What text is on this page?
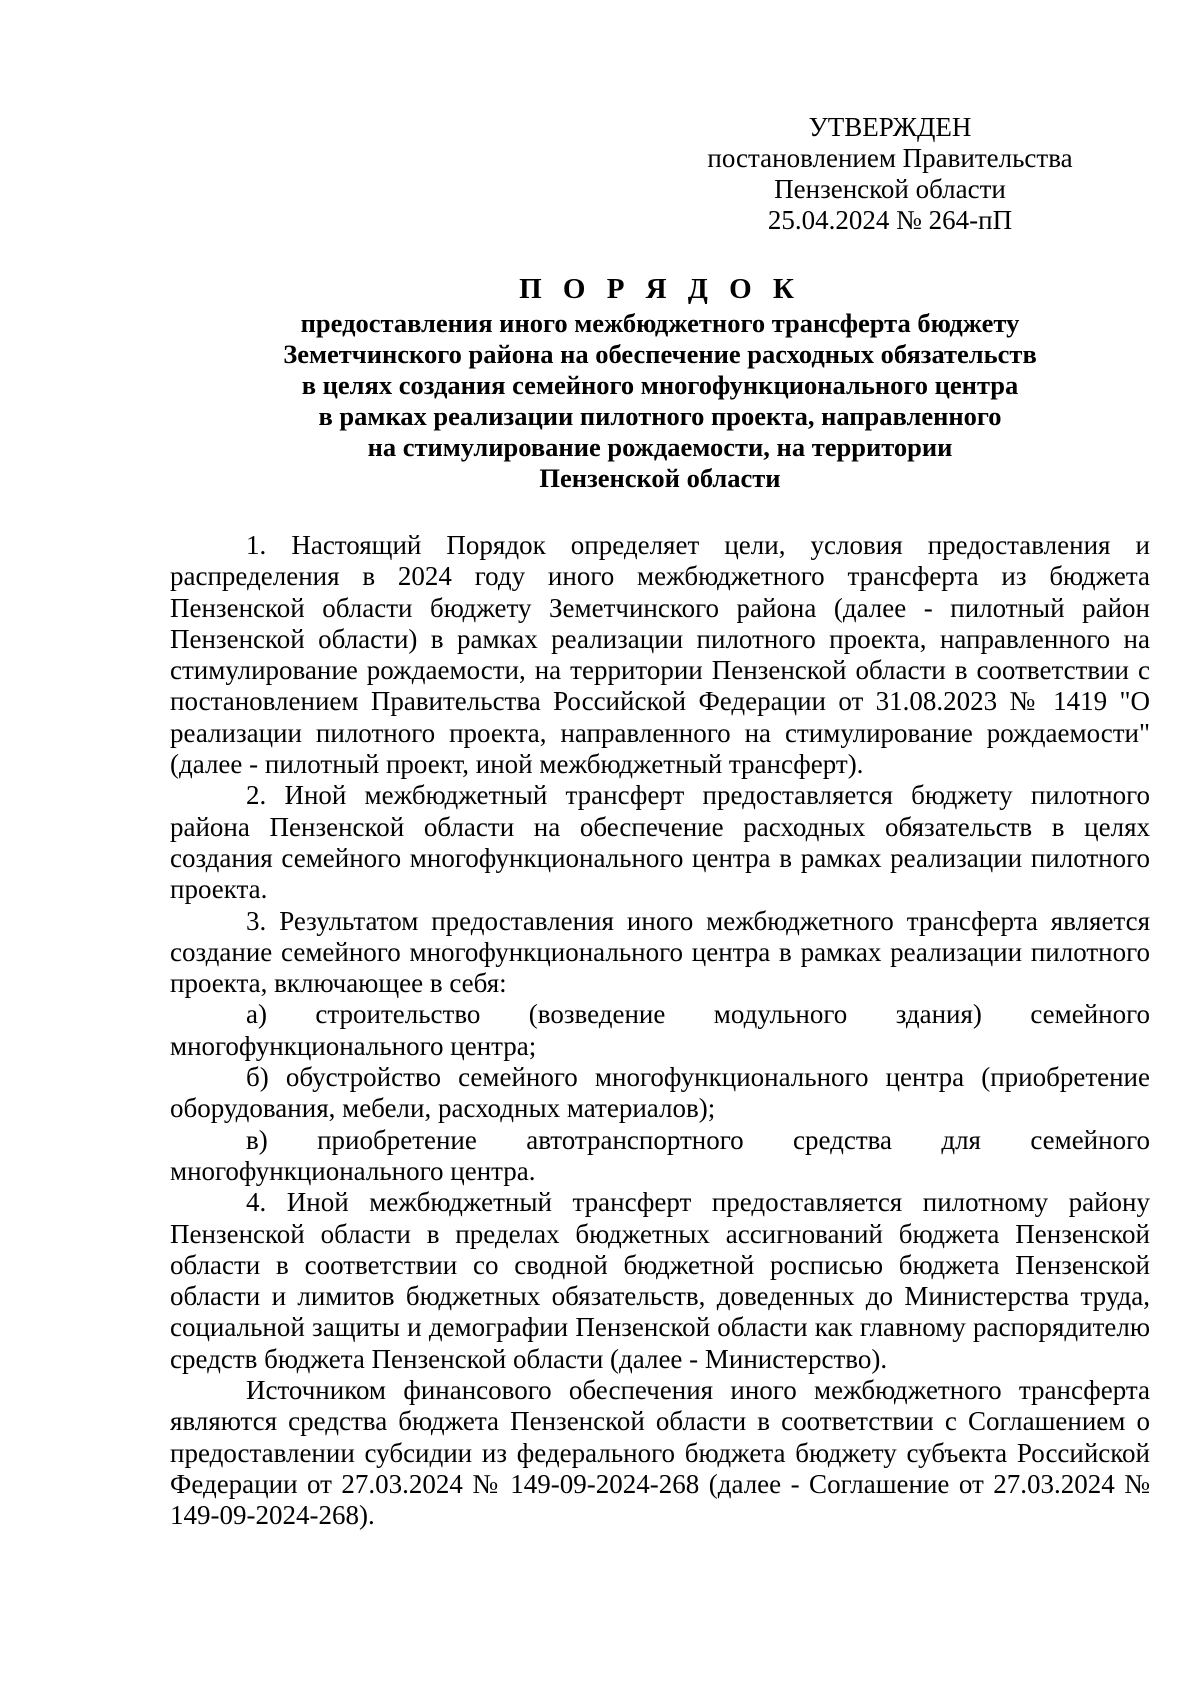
УТВЕРЖДЕН
постановлением Правительства
Пензенской области
25.04.2024 № 264-пП
П О Р Я Д О К
предоставления иного межбюджетного трансферта бюджету
Земетчинского района на обеспечение расходных обязательств
в целях создания семейного многофункционального центра
в рамках реализации пилотного проекта, направленного
на стимулирование рождаемости, на территории
Пензенской области

1. Настоящий Порядок определяет цели, условия предоставления и распределения в 2024 году иного межбюджетного трансферта из бюджета Пензенской области бюджету Земетчинского района (далее - пилотный район Пензенской области) в рамках реализации пилотного проекта, направленного на стимулирование рождаемости, на территории Пензенской области в соответствии с постановлением Правительства Российской Федерации от 31.08.2023 № 1419 "О реализации пилотного проекта, направленного на стимулирование рождаемости" (далее - пилотный проект, иной межбюджетный трансферт).

2. Иной межбюджетный трансферт предоставляется бюджету пилотного района Пензенской области на обеспечение расходных обязательств в целях создания семейного многофункционального центра в рамках реализации пилотного проекта.

3. Результатом предоставления иного межбюджетного трансферта является создание семейного многофункционального центра в рамках реализации пилотного проекта, включающее в себя:

а) строительство (возведение модульного здания) семейного многофункционального центра;

б) обустройство семейного многофункционального центра (приобретение оборудования, мебели, расходных материалов);

в) приобретение автотранспортного средства для семейного многофункционального центра.

4. Иной межбюджетный трансферт предоставляется пилотному району Пензенской области в пределах бюджетных ассигнований бюджета Пензенской области в соответствии со сводной бюджетной росписью бюджета Пензенской области и лимитов бюджетных обязательств, доведенных до Министерства труда, социальной защиты и демографии Пензенской области как главному распорядителю средств бюджета Пензенской области (далее - Министерство).

Источником финансового обеспечения иного межбюджетного трансферта являются средства бюджета Пензенской области в соответствии с Соглашением о предоставлении субсидии из федерального бюджета бюджету субъекта Российской Федерации от 27.03.2024 № 149-09-2024-268 (далее - Соглашение от 27.03.2024 № 149-09-2024-268).
